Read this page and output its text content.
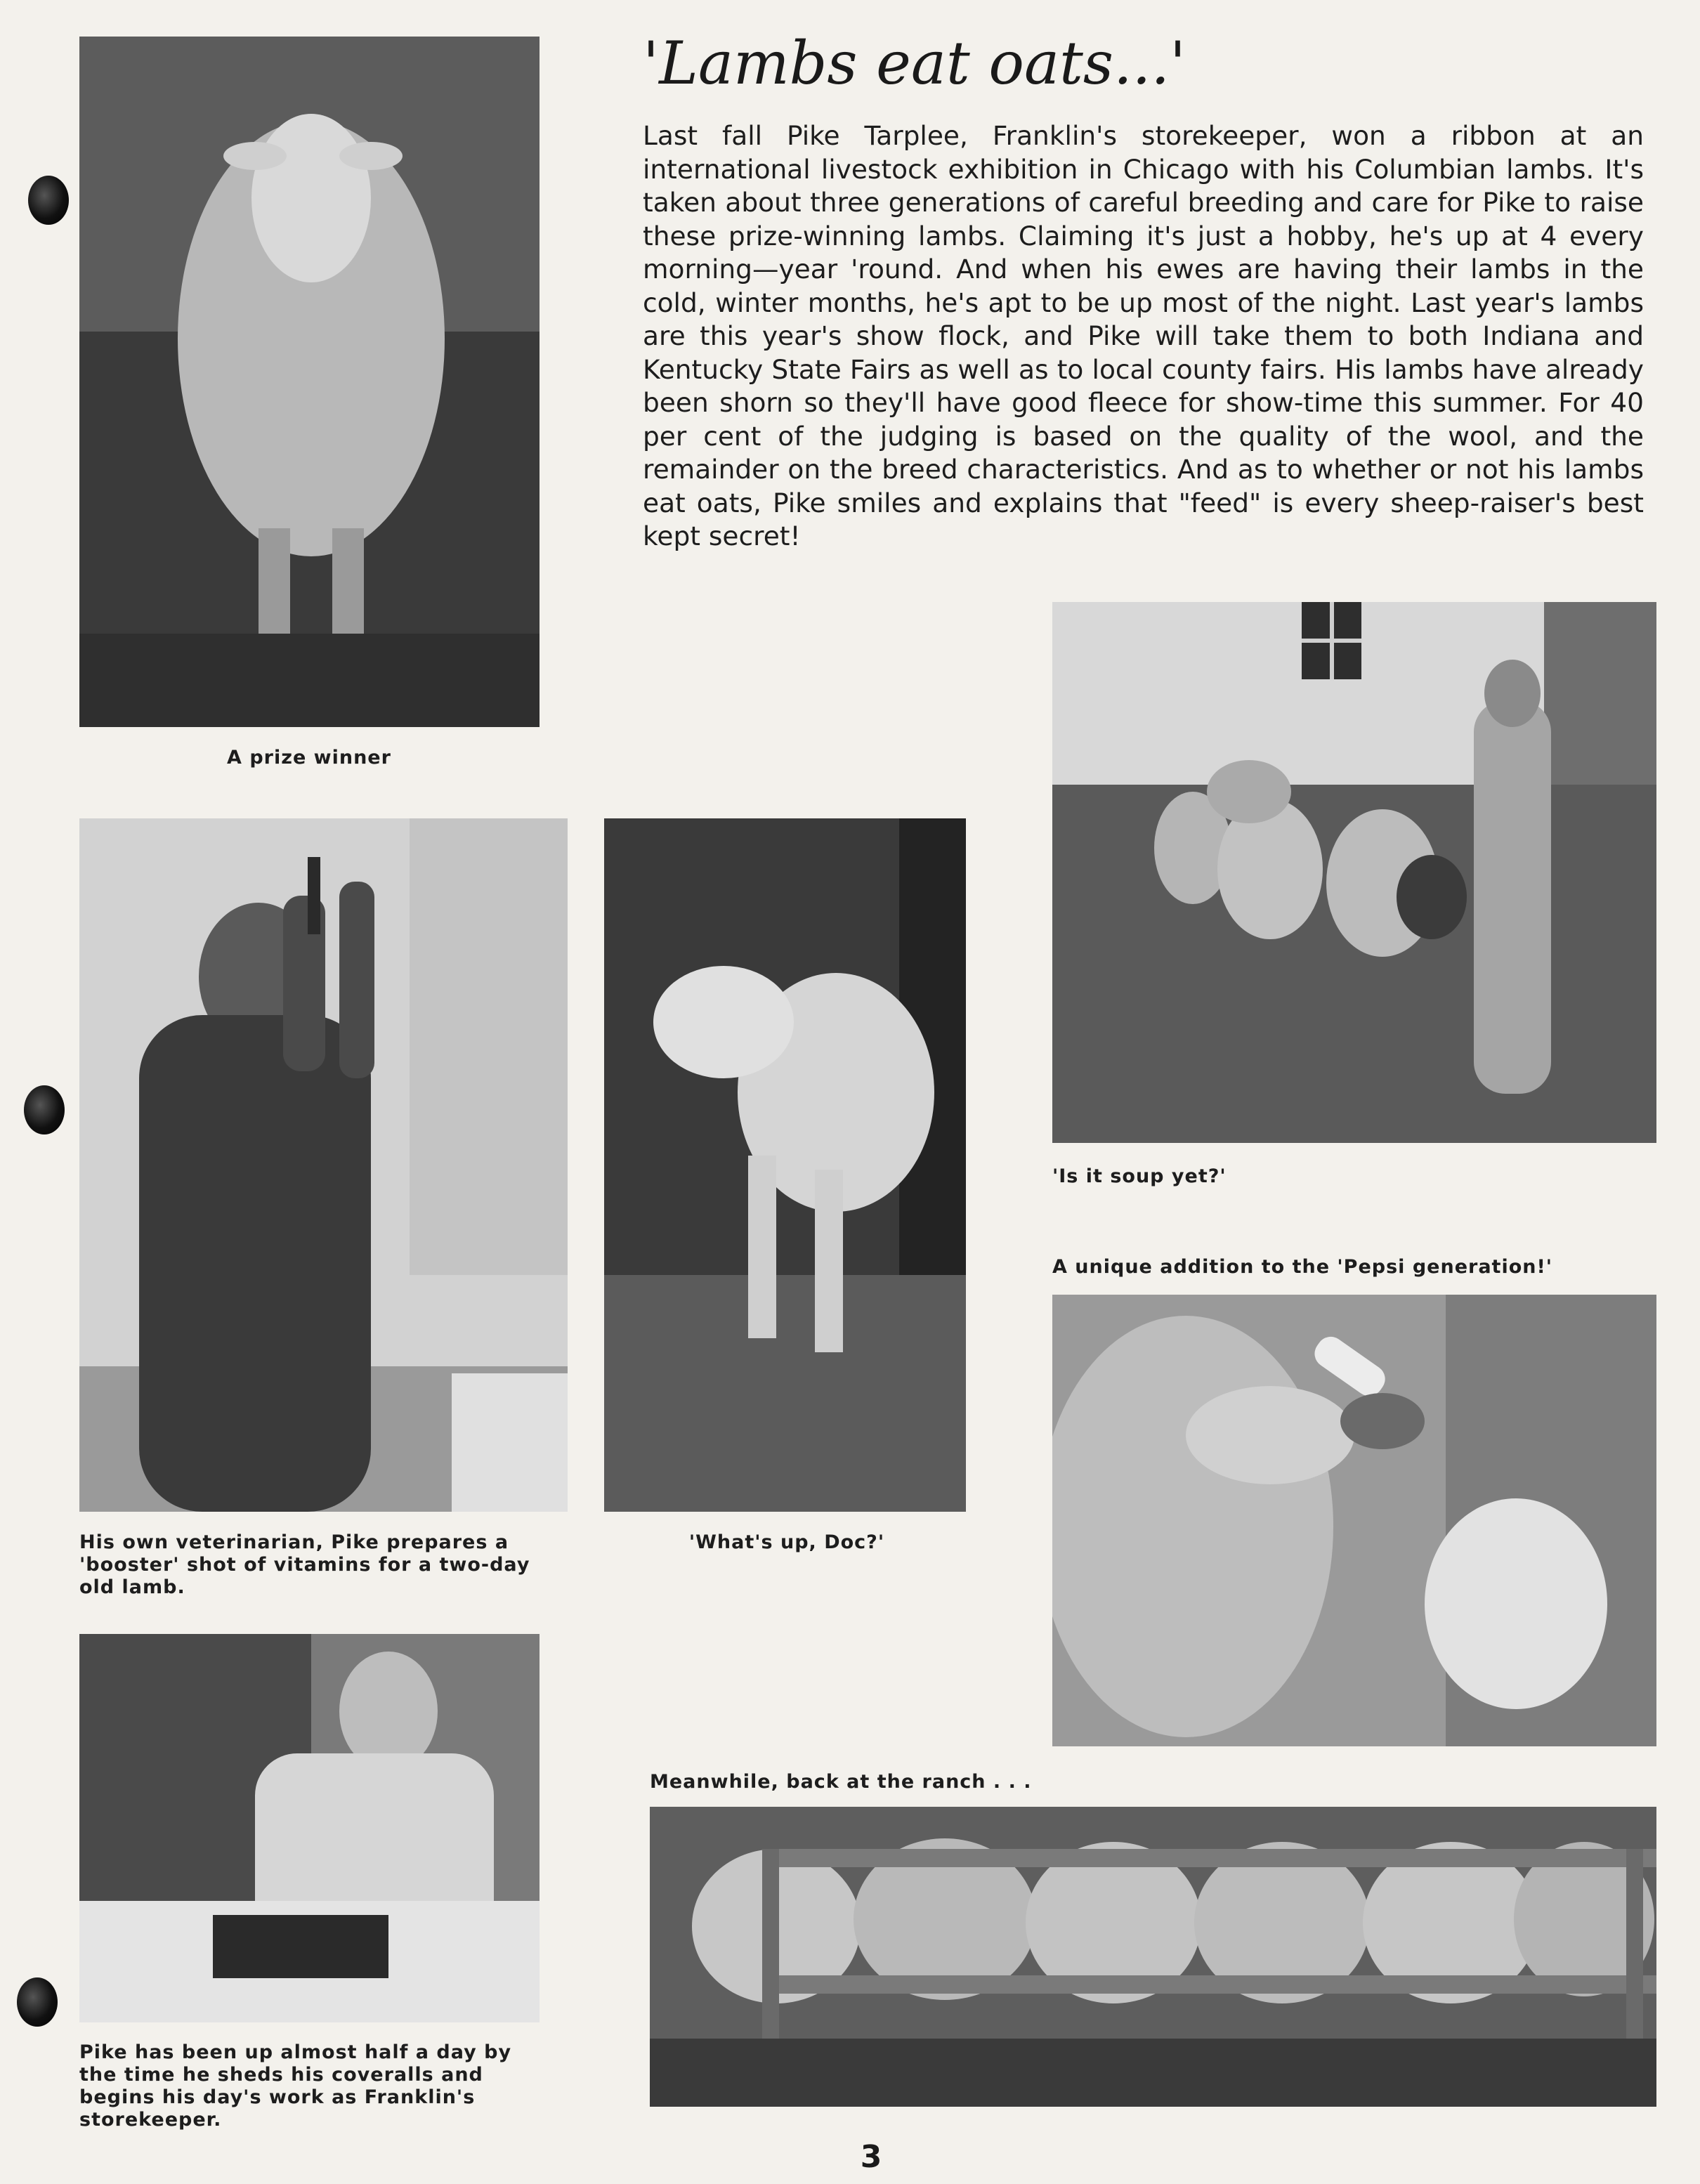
A prize winner

'Lambs eat oats...'

Last fall Pike Tarplee, Franklin's storekeeper, won a ribbon at an international livestock exhibition in Chicago with his Columbian lambs. It's taken about three generations of careful breeding and care for Pike to raise these prize-winning lambs. Claiming it's just a hobby, he's up at 4 every morning—year 'round. And when his ewes are having their lambs in the cold, winter months, he's apt to be up most of the night. Last year's lambs are this year's show flock, and Pike will take them to both Indiana and Kentucky State Fairs as well as to local county fairs. His lambs have already been shorn so they'll have good fleece for show-time this summer. For 40 per cent of the judging is based on the quality of the wool, and the remainder on the breed characteristics. And as to whether or not his lambs eat oats, Pike smiles and explains that "feed" is every sheep-raiser's best kept secret!

'Is it soup yet?'

A unique addition to the 'Pepsi generation!'

His own veterinarian, Pike prepares a 'booster' shot of vitamins for a two-day old lamb.

'What's up, Doc?'

Pike has been up almost half a day by the time he sheds his coveralls and begins his day's work as Franklin's storekeeper.

Meanwhile, back at the ranch . . .

3
